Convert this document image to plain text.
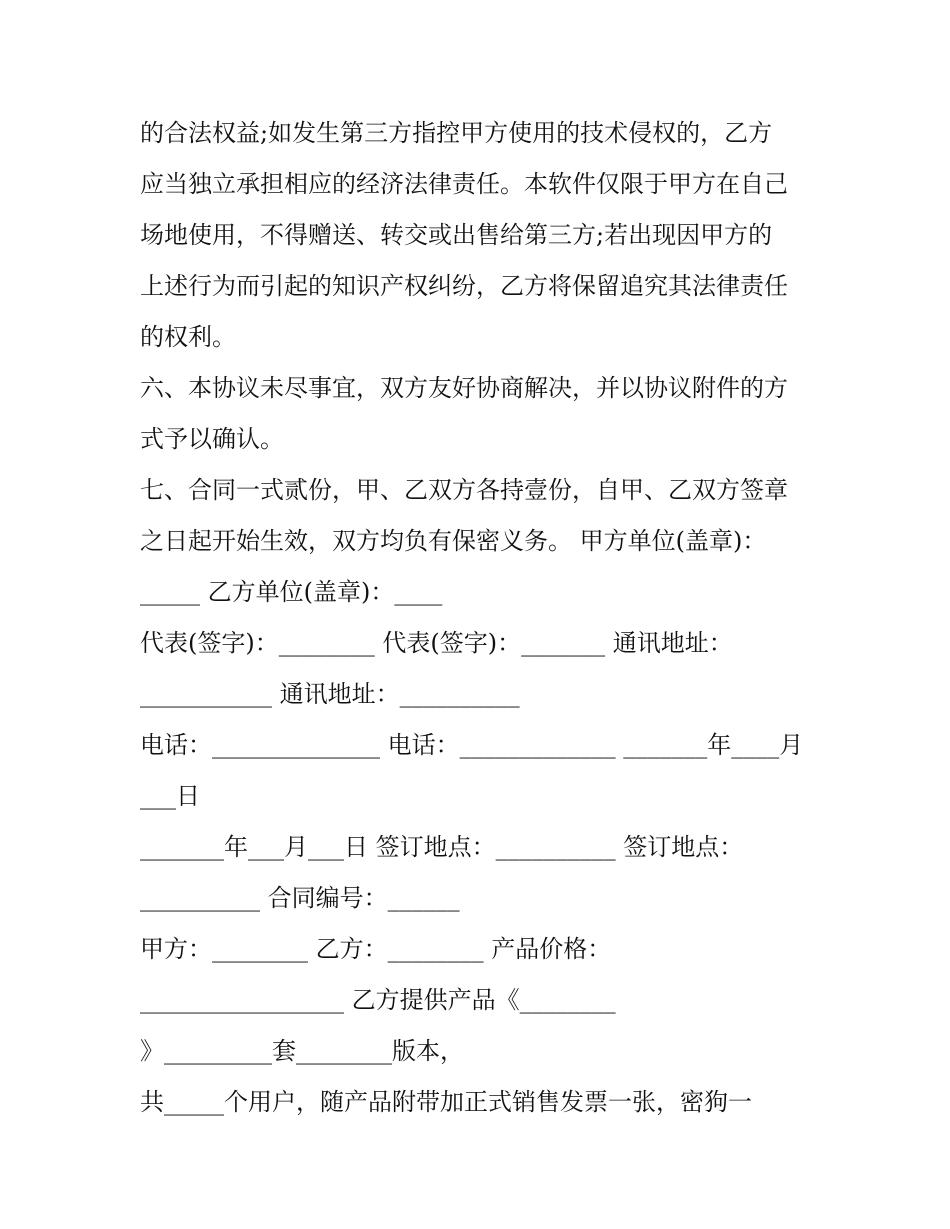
的合法权益;如发生第三方指控甲方使用的技术侵权的，乙方
应当独立承担相应的经济法律责任。本软件仅限于甲方在自己
场地使用，不得赠送、转交或出售给第三方;若出现因甲方的
上述行为而引起的知识产权纠纷，乙方将保留追究其法律责任
的权利。
六、本协议未尽事宜，双方友好协商解决，并以协议附件的方
式予以确认。
七、合同一式贰份，甲、乙双方各持壹份，自甲、乙双方签章
之日起开始生效，双方均负有保密义务。 甲方单位(盖章)：
_____ 乙方单位(盖章)：____
代表(签字)：________ 代表(签字)：_______ 通讯地址：
___________ 通讯地址：__________
电话：______________ 电话：_____________ _______年____月
___日
_______年___月___日 签订地点：__________ 签订地点：
__________ 合同编号：______
甲方：________ 乙方：________ 产品价格：
_________________ 乙方提供产品《________
》_________套________版本，
共_____个用户，随产品附带加正式销售发票一张，密狗一
